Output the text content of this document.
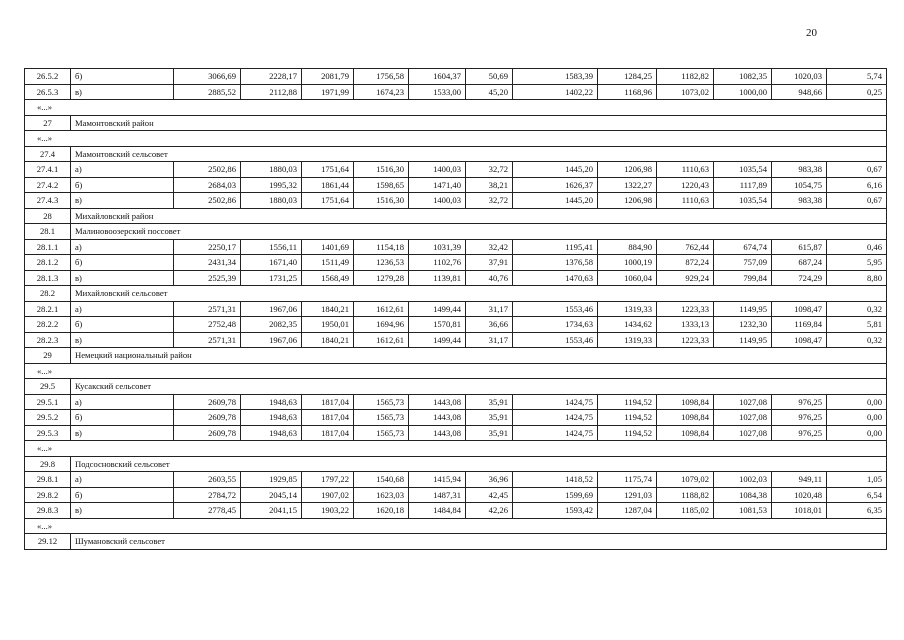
20
26.5.2	б)	3066,69	2228,17	2081,79	1756,58	1604,37	50,69	1583,39	1284,25	1182,82	1082,35	1020,03	5,74
26.5.3	в)	2885,52	2112,88	1971,99	1674,23	1533,00	45,20	1402,22	1168,96	1073,02	1000,00	948,66	0,25
«...»													
27	Мамонтовский район												
«...»													
27.4	Мамонтовский сельсовет												
27.4.1	а)	2502,86	1880,03	1751,64	1516,30	1400,03	32,72	1445,20	1206,98	1110,63	1035,54	983,38	0,67
27.4.2	б)	2684,03	1995,32	1861,44	1598,65	1471,40	38,21	1626,37	1322,27	1220,43	1117,89	1054,75	6,16
27.4.3	в)	2502,86	1880,03	1751,64	1516,30	1400,03	32,72	1445,20	1206,98	1110,63	1035,54	983,38	0,67
28	Михайловский район												
28.1	Малиновоозерский поссовет												
28.1.1	а)	2250,17	1556,11	1401,69	1154,18	1031,39	32,42	1195,41	884,90	762,44	674,74	615,87	0,46
28.1.2	б)	2431,34	1671,40	1511,49	1236,53	1102,76	37,91	1376,58	1000,19	872,24	757,09	687,24	5,95
28.1.3	в)	2525,39	1731,25	1568,49	1279,28	1139,81	40,76	1470,63	1060,04	929,24	799,84	724,29	8,80
28.2	Михайловский сельсовет												
28.2.1	а)	2571,31	1967,06	1840,21	1612,61	1499,44	31,17	1553,46	1319,33	1223,33	1149,95	1098,47	0,32
28.2.2	б)	2752,48	2082,35	1950,01	1694,96	1570,81	36,66	1734,63	1434,62	1333,13	1232,30	1169,84	5,81
28.2.3	в)	2571,31	1967,06	1840,21	1612,61	1499,44	31,17	1553,46	1319,33	1223,33	1149,95	1098,47	0,32
29	Немецкий национальный район												
«...»													
29.5	Кусакский сельсовет												
29.5.1	а)	2609,78	1948,63	1817,04	1565,73	1443,08	35,91	1424,75	1194,52	1098,84	1027,08	976,25	0,00
29.5.2	б)	2609,78	1948,63	1817,04	1565,73	1443,08	35,91	1424,75	1194,52	1098,84	1027,08	976,25	0,00
29.5.3	в)	2609,78	1948,63	1817,04	1565,73	1443,08	35,91	1424,75	1194,52	1098,84	1027,08	976,25	0,00
«...»													
29.8	Подсосновский сельсовет												
29.8.1	а)	2603,55	1929,85	1797,22	1540,68	1415,94	36,96	1418,52	1175,74	1079,02	1002,03	949,11	1,05
29.8.2	б)	2784,72	2045,14	1907,02	1623,03	1487,31	42,45	1599,69	1291,03	1188,82	1084,38	1020,48	6,54
29.8.3	в)	2778,45	2041,15	1903,22	1620,18	1484,84	42,26	1593,42	1287,04	1185,02	1081,53	1018,01	6,35
«...»													
29.12	Шумановский сельсовет												
